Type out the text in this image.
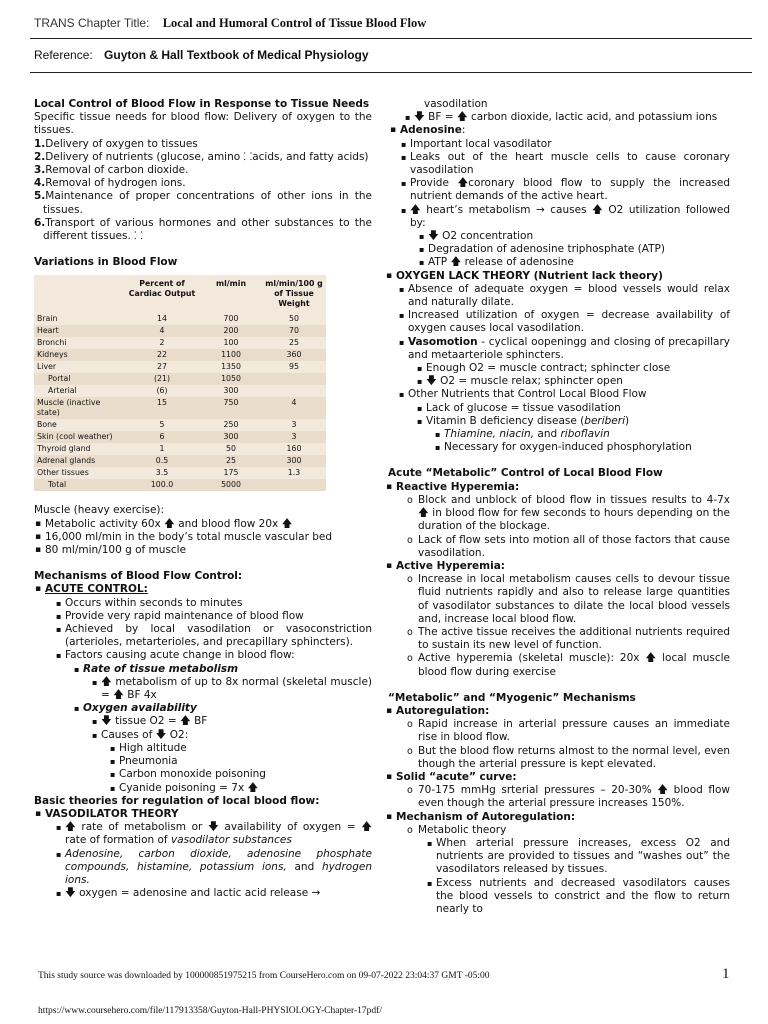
TRANS Chapter Title: Local and Humoral Control of Tissue Blood Flow
Reference: Guyton & Hall Textbook of Medical Physiology

Local Control of Blood Flow in Response to Tissue Needs

Specific tissue needs for blood flow: Delivery of oxygen to the tissues.

1.Delivery of oxygen to tissues

2.Delivery of nutrients (glucose, amino ⸬acids, and fatty acids)

3.Removal of carbon dioxide.

4.Removal of hydrogen ions.

5.Maintenance of proper concentrations of other ions in the tissues.

6.Transport of various hormones and other substances to the different tissues. ⸬

Variations in Blood Flow

	Percent of Cardiac Output	ml/min	ml/min/100 g of Tissue Weight
Brain	14	700	50
Heart	4	200	70
Bronchi	2	100	25
Kidneys	22	1100	360
Liver	27	1350	95
Portal	(21)	1050	
Arterial	(6)	300	
Muscle (inactive state)	15	750	4
Bone	5	250	3
Skin (cool weather)	6	300	3
Thyroid gland	1	50	160
Adrenal glands	0.5	25	300
Other tissues	3.5	175	1.3
Total	100.0	5000	

Muscle (heavy exercise):

▪ Metabolic activity 60x 🡅 and blood flow 20x 🡅
▪ 16,000 ml/min in the body’s total muscle vascular bed
▪ 80 ml/min/100 g of muscle

Mechanisms of Blood Flow Control:

▪ ACUTE CONTROL:
▪ Occurs within seconds to minutes
▪ Provide very rapid maintenance of blood flow
▪ Achieved by local vasodilation or vasoconstriction (arterioles, metarterioles, and precapillary sphincters).
▪ Factors causing acute change in blood flow:
▪ Rate of tissue metabolism
▪ 🡅 metabolism of up to 8x normal (skeletal muscle) = 🡅 BF 4x
▪ Oxygen availability
▪ 🡇 tissue O2 = 🡅 BF
▪ Causes of 🡇 O2:
▪ High altitude
▪ Pneumonia
▪ Carbon monoxide poisoning
▪ Cyanide poisoning = 7x 🡅

Basic theories for regulation of local blood flow:

▪ VASODILATOR THEORY
▪ 🡅 rate of metabolism or 🡇 availability of oxygen = 🡅 rate of formation of vasodilator substances
▪ Adenosine, carbon dioxide, adenosine phosphate compounds, histamine, potassium ions, and hydrogen ions.
▪ 🡇 oxygen = adenosine and lactic acid release →

vasodilation

▪ 🡇 BF = 🡅 carbon dioxide, lactic acid, and potassium ions
▪ Adenosine:
▪ Important local vasodilator
▪ Leaks out of the heart muscle cells to cause coronary vasodilation
▪ Provide 🡅coronary blood flow to supply the increased nutrient demands of the active heart.
▪ 🡅 heart’s metabolism → causes 🡅 O2 utilization followed by:
▪ 🡇 O2 concentration
▪ Degradation of adenosine triphosphate (ATP)
▪ ATP 🡅 release of adenosine
▪ OXYGEN LACK THEORY (Nutrient lack theory)
▪ Absence of adequate oxygen = blood vessels would relax and naturally dilate.
▪ Increased utilization of oxygen = decrease availability of oxygen causes local vasodilation.
▪ Vasomotion - cyclical oopeningg and closing of precapillary and metaarteriole sphincters.
▪ Enough O2 = muscle contract; sphincter close
▪ 🡇 O2 = muscle relax; sphincter open
▪ Other Nutrients that Control Local Blood Flow
▪ Lack of glucose = tissue vasodilation
▪ Vitamin B deficiency disease (beriberi)
▪ Thiamine, niacin, and riboflavin
▪ Necessary for oxygen-induced phosphorylation

Acute “Metabolic” Control of Local Blood Flow

▪ Reactive Hyperemia:
o Block and unblock of blood flow in tissues results to 4-7x 🡅 in blood flow for few seconds to hours depending on the duration of the blockage.
o Lack of flow sets into motion all of those factors that cause vasodilation.
▪ Active Hyperemia:
o Increase in local metabolism causes cells to devour tissue fluid nutrients rapidly and also to release large quantities of vasodilator substances to dilate the local blood vessels and, increase local blood flow.
o The active tissue receives the additional nutrients required to sustain its new level of function.
o Active hyperemia (skeletal muscle): 20x 🡅 local muscle blood flow during exercise

“Metabolic” and “Myogenic” Mechanisms

▪ Autoregulation:
o Rapid increase in arterial pressure causes an immediate rise in blood flow.
o But the blood flow returns almost to the normal level, even though the arterial pressure is kept elevated.
▪ Solid “acute” curve:
o 70-175 mmHg srterial pressures – 20-30% 🡅 blood flow even though the arterial pressure increases 150%.
▪ Mechanism of Autoregulation:
o Metabolic theory
▪ When arterial pressure increases, excess O2 and nutrients are provided to tissues and “washes out” the vasodilators released by tissues.
▪ Excess nutrients and decreased vasodilators causes the blood vessels to constrict and the flow to return nearly to
This study source was downloaded by 100000851975215 from CourseHero.com on 09-07-2022 23:04:37 GMT -05:00	1
https://www.coursehero.com/file/117913358/Guyton-Hall-PHYSIOLOGY-Chapter-17pdf/
